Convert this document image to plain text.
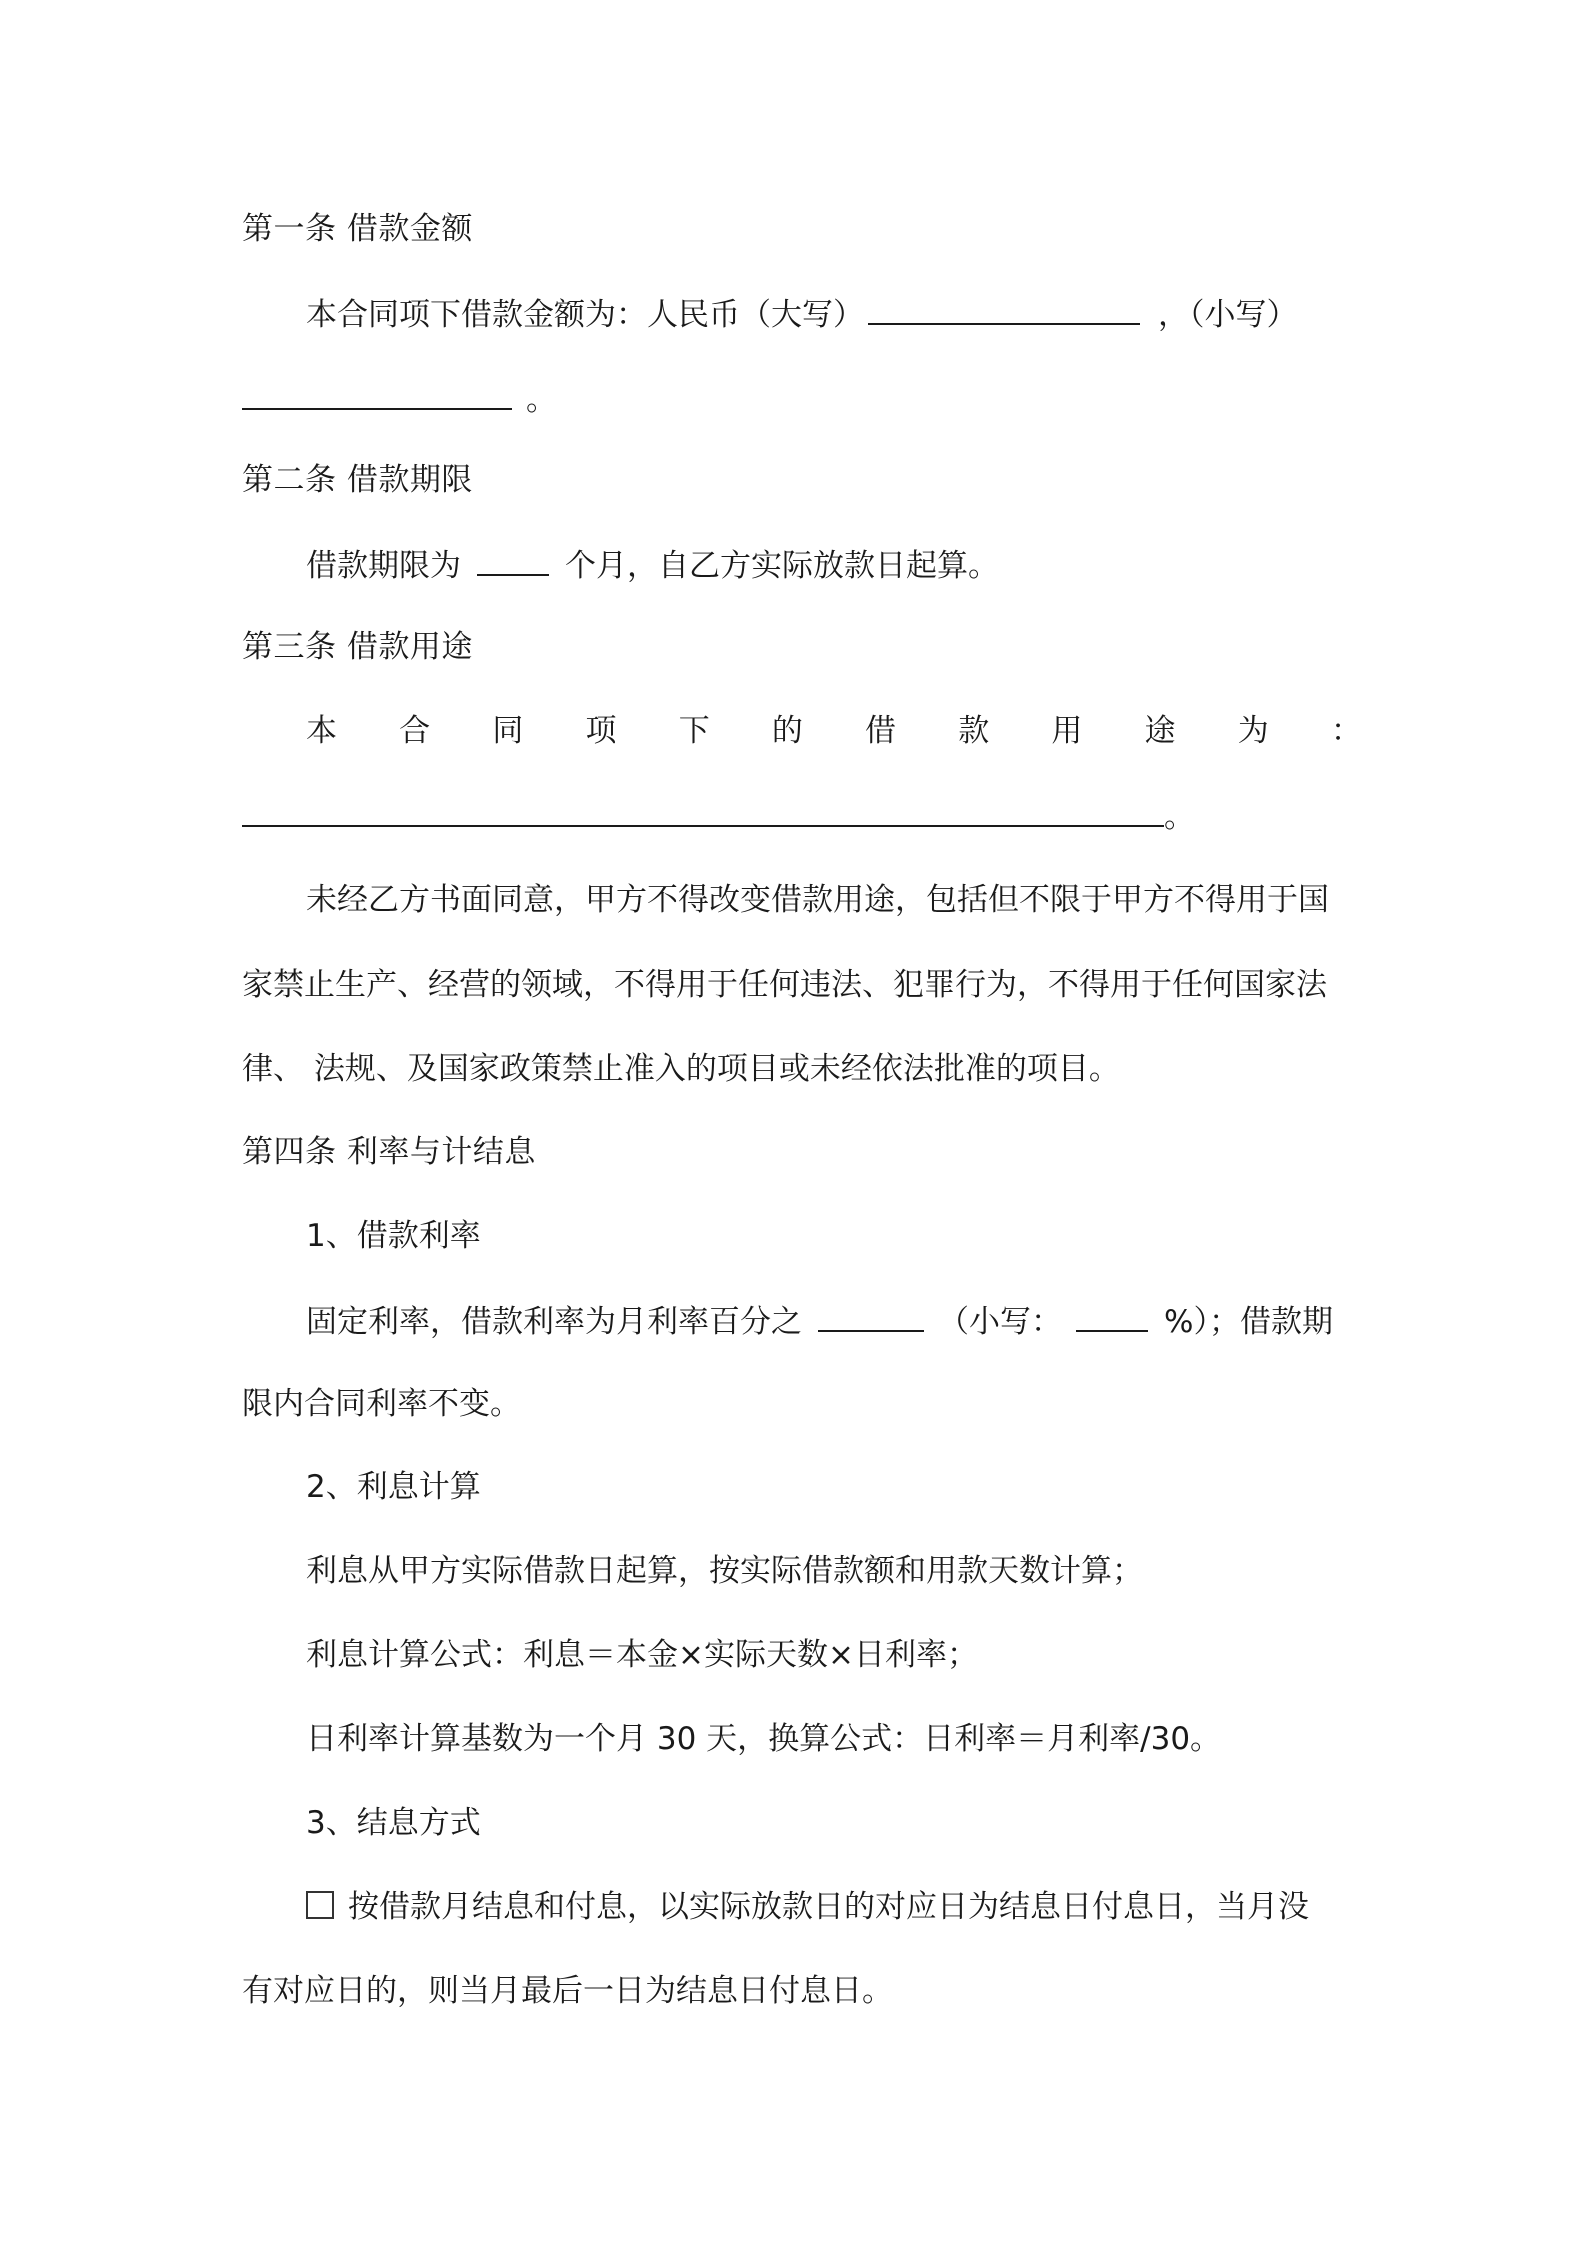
第一条 借款金额
本合同项下借款金额为：人民币（大写）	，（小写）
。
第二条 借款期限
借款期限为	个月，自乙方实际放款日起算。
第三条 借款用途
本 合 同 项 下 的 借 款 用 途 为 ：
。
未经乙方书面同意，甲方不得改变借款用途，包括但不限于甲方不得用于国
家禁止生产、经营的领域，不得用于任何违法、犯罪行为，不得用于任何国家法
律、 法规、及国家政策禁止准入的项目或未经依法批准的项目。
第四条 利率与计结息
1、借款利率
固定利率，借款利率为月利率百分之	（小写：	%）；借款期
限内合同利率不变。
2、利息计算
利息从甲方实际借款日起算，按实际借款额和用款天数计算；
利息计算公式：利息＝本金×实际天数×日利率；
日利率计算基数为一个月 30 天，换算公式：日利率＝月利率/30。
3、结息方式
按借款月结息和付息，以实际放款日的对应日为结息日付息日，当月没
有对应日的，则当月最后一日为结息日付息日。
